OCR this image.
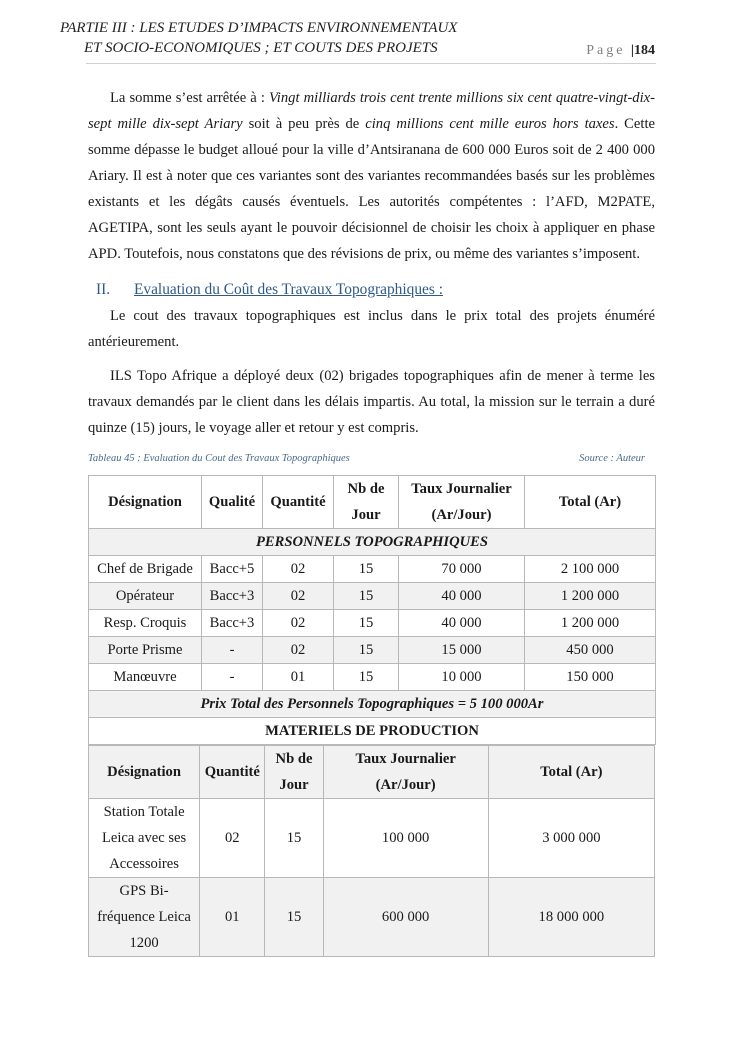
PARTIE III : LES ETUDES D’IMPACTS ENVIRONNEMENTAUX
ET SOCIO-ECONOMIQUES ; ET COUTS DES PROJETS	Page |184

La somme s’est arrêtée à : Vingt milliards trois cent trente millions six cent quatre-vingt-dix-sept mille dix-sept Ariary soit à peu près de cinq millions cent mille euros hors taxes. Cette somme dépasse le budget alloué pour la ville d’Antsiranana de 600 000 Euros soit de 2 400 000 Ariary. Il est à noter que ces variantes sont des variantes recommandées basés sur les problèmes existants et les dégâts causés éventuels. Les autorités compétentes : l’AFD, M2PATE, AGETIPA, sont les seuls ayant le pouvoir décisionnel de choisir les choix à appliquer en phase APD. Toutefois, nous constatons que des révisions de prix, ou même des variantes s’imposent.

II. Evaluation du Coût des Travaux Topographiques :

Le cout des travaux topographiques est inclus dans le prix total des projets énuméré antérieurement.

ILS Topo Afrique a déployé deux (02) brigades topographiques afin de mener à terme les travaux demandés par le client dans les délais impartis. Au total, la mission sur le terrain a duré quinze (15) jours, le voyage aller et retour y est compris.

Tableau 45 : Evaluation du Cout des Travaux Topographiques	Source : Auteur
Désignation	Qualité	Quantité	Nb de Jour	Taux Journalier (Ar/Jour)	Total (Ar)
PERSONNELS TOPOGRAPHIQUES					
Chef de Brigade	Bacc+5	02	15	70 000	2 100 000
Opérateur	Bacc+3	02	15	40 000	1 200 000
Resp. Croquis	Bacc+3	02	15	40 000	1 200 000
Porte Prisme	-	02	15	15 000	450 000
Manœuvre	-	01	15	10 000	150 000
Prix Total des Personnels Topographiques = 5 100 000Ar					
MATERIELS DE PRODUCTION					
Désignation	Quantité	Nb de Jour	Taux Journalier (Ar/Jour)	Total (Ar)
Station Totale Leica avec ses Accessoires	02	15	100 000	3 000 000
GPS Bi-fréquence Leica 1200	01	15	600 000	18 000 000
